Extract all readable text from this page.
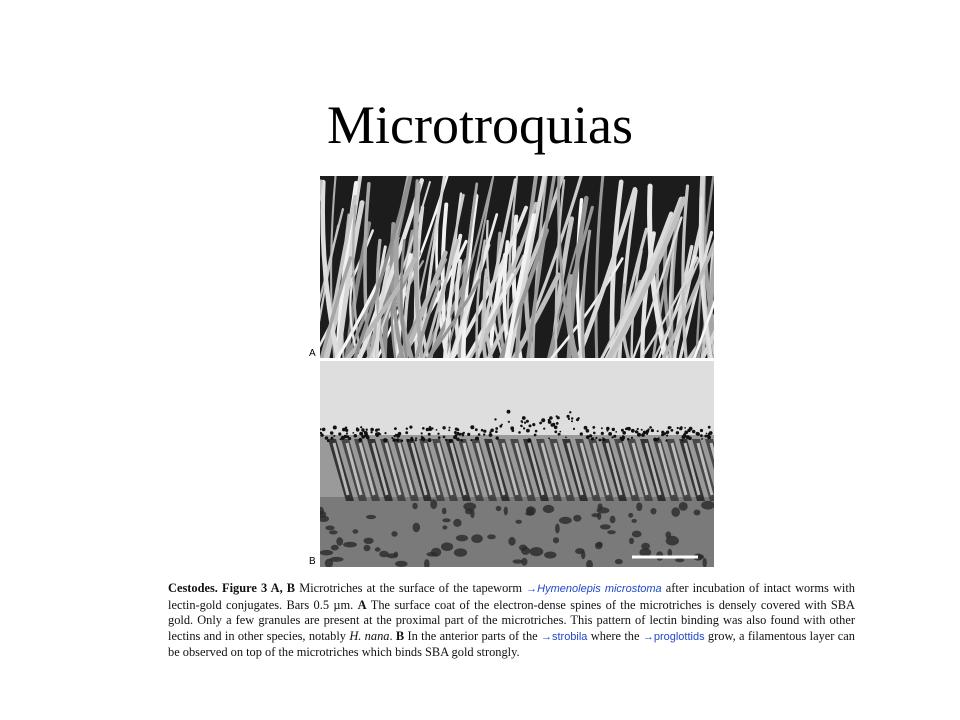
Microtroquias
A
B
Cestodes. Figure 3 A, B Microtriches at the surface of the tapeworm →Hymenolepis microstoma after incubation of intact worms with lectin-gold conjugates. Bars 0.5 µm. A The surface coat of the electron-dense spines of the microtriches is densely covered with SBA gold. Only a few granules are present at the proximal part of the microtriches. This pattern of lectin binding was also found with other lectins and in other species, notably H. nana. B In the anterior parts of the →strobila where the →proglottids grow, a filamentous layer can be observed on top of the microtriches which binds SBA gold strongly.
